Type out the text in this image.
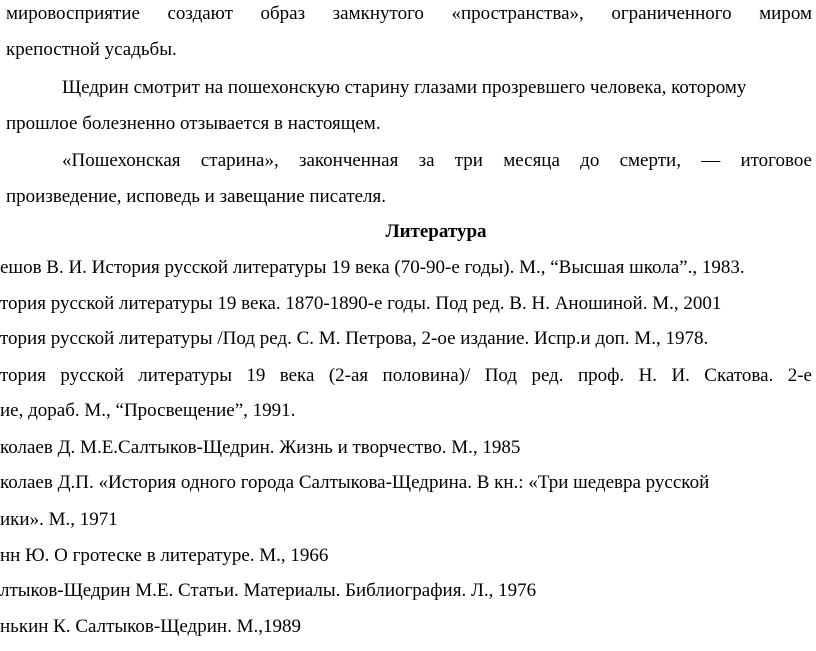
мировосприятие создают образ замкнутого «пространства», ограниченного миром
крепостной усадьбы.
Щедрин смотрит на пошехонскую старину глазами прозревшего человека, которому
прошлое болезненно отзывается в настоящем.
«Пошехонская старина», законченная за три месяца до смерти, — итоговое
произведение, исповедь и завещание писателя.
Литература
ешов В. И. История русской литературы 19 века (70-90-е годы). М., “Высшая школа”., 1983.
тория русской литературы 19 века. 1870-1890-е годы. Под ред. В. Н. Аношиной. М., 2001
тория русской литературы /Под ред. С. М. Петрова, 2-ое издание. Испр.и доп. М., 1978.
тория русской литературы 19 века (2-ая половина)/ Под ред. проф. Н. И. Скатова. 2-е
ие, дораб. М., “Просвещение”, 1991.
колаев Д. М.Е.Салтыков-Щедрин. Жизнь и творчество. М., 1985
колаев Д.П. «История одного города Салтыкова-Щедрина. В кн.: «Три шедевра русской
ики». М., 1971
нн Ю. О гротеске в литературе. М., 1966
лтыков-Щедрин М.Е. Статьи. Материалы. Библиография. Л., 1976
нькин К. Салтыков-Щедрин. М.,1989
